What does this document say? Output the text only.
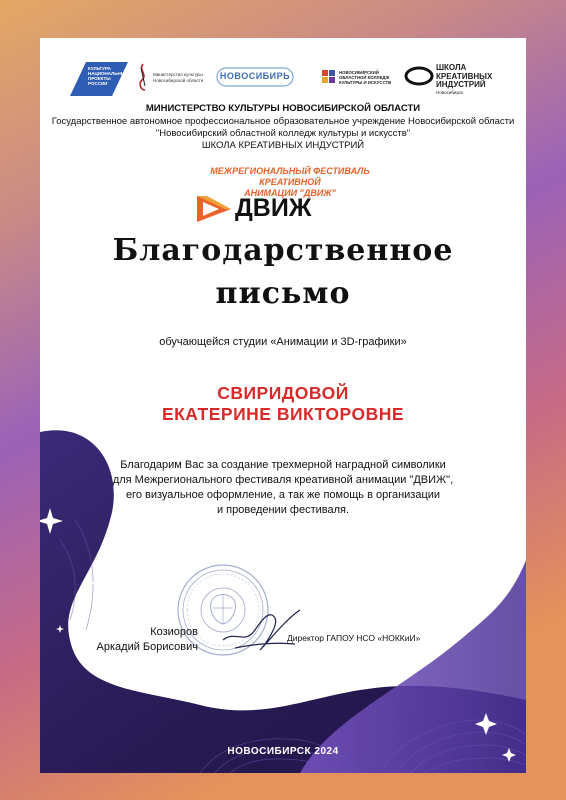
КУЛЬТУРА
НАЦИОНАЛЬНЫЕ
ПРОЕКТЫ
РОССИИ
Министерство культуры
Новосибирской области	НОВОСИБИРЬ	НОВОСИБИРСКИЙ
ОБЛАСТНОЙ КОЛЛЕДЖ
КУЛЬТУРЫ И ИСКУССТВ
ШКОЛА
КРЕАТИВНЫХ
ИНДУСТРИЙ
Новосибирск
МИНИСТЕРСТВО КУЛЬТУРЫ НОВОСИБИРСКОЙ ОБЛАСТИ
Государственное автономное профессиональное образовательное учреждение Новосибирской области
"Новосибирский областной колледж культуры и искусств"
ШКОЛА КРЕАТИВНЫХ ИНДУСТРИЙ
МЕЖРЕГИОНАЛЬНЫЙ ФЕСТИВАЛЬ КРЕАТИВНОЙ
АНИМАЦИИ "ДВИЖ"
ДВИЖ
Благодарственное
письмо
обучающейся студии «Анимации и 3D-графики»
СВИРИДОВОЙ
ЕКАТЕРИНЕ ВИКТОРОВНЕ
Благодарим Вас за создание трехмерной наградной символики
для Межрегионального фестиваля креативной анимации "ДВИЖ",
его визуальное оформление, а так же помощь в организации
и проведении фестиваля.
Козиоров
Аркадий Борисович
Директор ГАПОУ НСО «НОККиИ»
НОВОСИБИРСК 2024
